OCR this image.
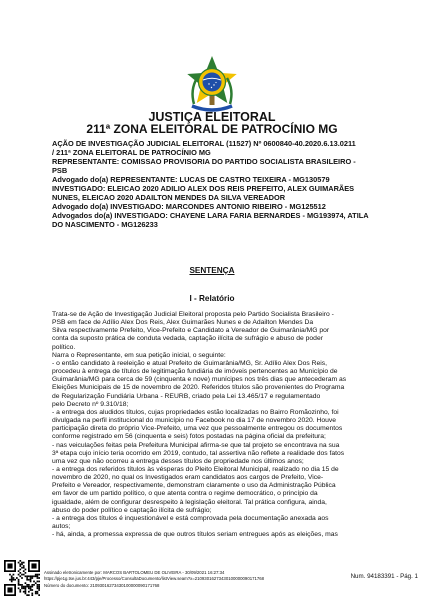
JUSTIÇA ELEITORAL
211ª ZONA ELEITORAL DE PATROCÍNIO MG
AÇÃO DE INVESTIGAÇÃO JUDICIAL ELEITORAL (11527) Nº 0600840-40.2020.6.13.0211
/ 211ª ZONA ELEITORAL DE PATROCÍNIO MG
REPRESENTANTE: COMISSAO PROVISORIA DO PARTIDO SOCIALISTA BRASILEIRO -
PSB
Advogado do(a) REPRESENTANTE: LUCAS DE CASTRO TEIXEIRA - MG130579
INVESTIGADO: ELEICAO 2020 ADILIO ALEX DOS REIS PREFEITO, ALEX GUIMARÃES
NUNES, ELEICAO 2020 ADAILTON MENDES DA SILVA VEREADOR
Advogado do(a) INVESTIGADO: MARCONDES ANTONIO RIBEIRO - MG125512
Advogados do(a) INVESTIGADO: CHAYENE LARA FARIA BERNARDES - MG193974, ATILA
DO NASCIMENTO - MG126233
SENTENÇA
I - Relatório
Trata-se de Ação de Investigação Judicial Eleitoral proposta pelo Partido Socialista Brasileiro -
PSB em face de Adílio Alex Dos Reis, Alex Guimarães Nunes e de Adailton Mendes Da
Silva respectivamente Prefeito, Vice-Prefeito e Candidato a Vereador de Guimarânia/MG por
conta da suposto prática de conduta vedada, captação ilícita de sufrágio e abuso de poder
político.
Narra o Representante, em sua petição inicial, o seguinte:
- o então candidato à reeleição e atual Prefeito de Guimarânia/MG, Sr. Adílio Alex Dos Reis,
procedeu à entrega de títulos de legitimação fundiária de imóveis pertencentes ao Município de
Guimarânia/MG para cerca de 59 (cinquenta e nove) munícipes nos três dias que antecederam as
Eleições Municipais de 15 de novembro de 2020. Referidos títulos são provenientes do Programa
de Regularização Fundiária Urbana - REURB, criado pela Lei 13.465/17 e regulamentado
pelo Decreto nº 9.310/18;
- a entrega dos aludidos títulos, cujas propriedades estão localizadas no Bairro Romãozinho, foi
divulgada na perfil institucional do município no Facebook no dia 17 de novembro 2020. Houve
participação direta do próprio Vice-Prefeito, uma vez que pessoalmente entregou os documentos
conforme registrado em 56 (cinquenta e seis) fotos postadas na página oficial da prefeitura;
- nas veiculações feitas pela Prefeitura Municipal afirma-se que tal projeto se encontrava na sua
3ª etapa cujo início teria ocorrido em 2019, contudo, tal assertiva não reflete a realidade dos fatos
uma vez que não ocorreu a entrega desses títulos de propriedade nos últimos anos;
- a entrega dos referidos títulos às vésperas do Pleito Eleitoral Municipal, realizado no dia 15 de
novembro de 2020, no qual os Investigados eram candidatos aos cargos de Prefeito, Vice-
Prefeito e Vereador, respectivamente, demonstram claramente o uso da Administração Pública
em favor de um partido político, o que atenta contra o regime democrático, o princípio da
igualdade, além de configurar desrespeito à legislação eleitoral. Tal prática configura, ainda,
abuso do poder político e captação ilícita de sufrágio;
- a entrega dos títulos é inquestionável e está comprovada pela documentação anexada aos
autos;
- há, ainda, a promessa expressa de que outros títulos seriam entregues após as eleições, mas
Assinado eletronicamente por: MARCOS BARTOLOMEU DE OLIVEIRA - 30/09/2021 16:27:34
https://pje1g.tse.jus.br:443/pje/Processo/ConsultaDocumento/listView.seam?x=21093016273430100000090171768
Número do documento: 21093016273430100000090171768
Num. 94183391 - Pág. 1
